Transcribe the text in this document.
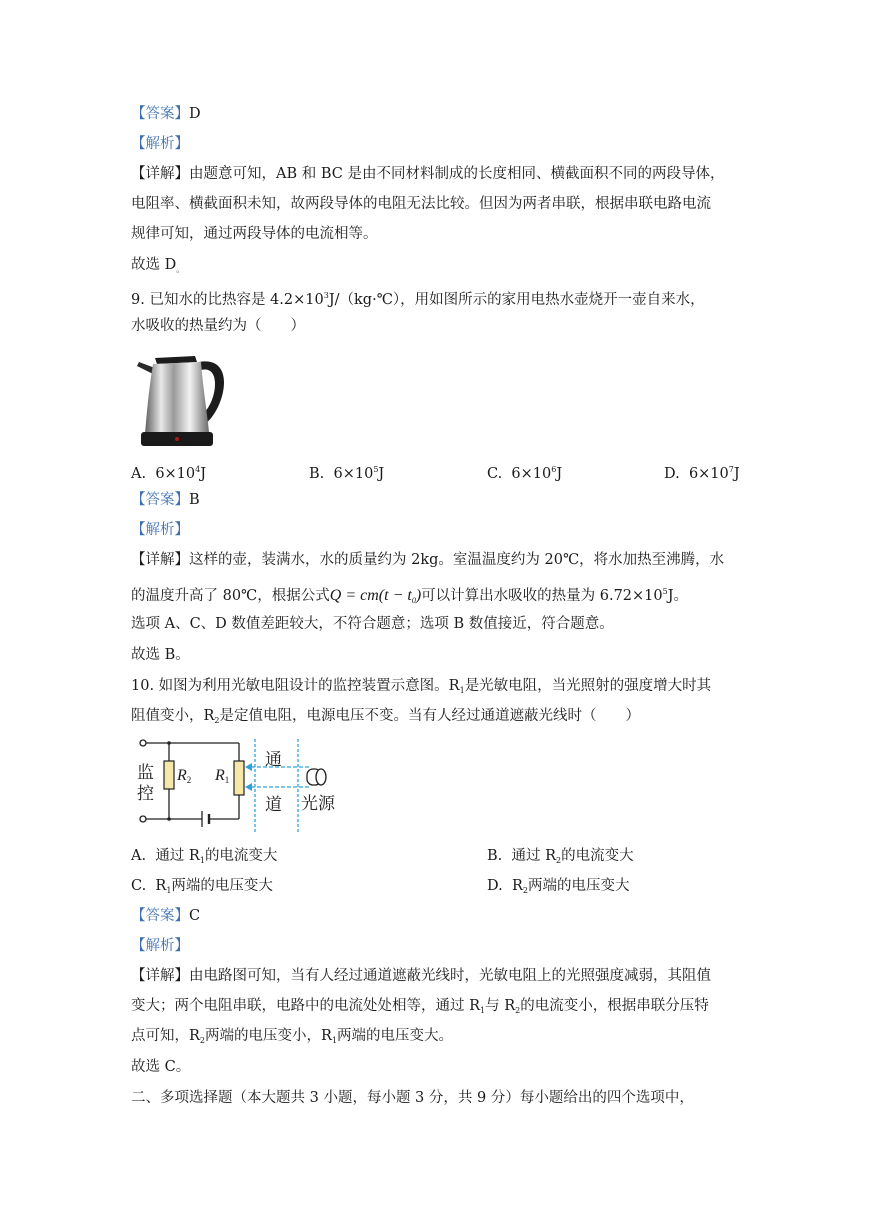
【答案】D
【解析】
【详解】由题意可知，AB 和 BC 是由不同材料制成的长度相同、横截面积不同的两段导体，
电阻率、横截面积未知，故两段导体的电阻无法比较。但因为两者串联，根据串联电路电流
规律可知，通过两段导体的电流相等。
故选 $D_。$
9. 已知水的比热容是 $4.2\times 10^3J/(kg\cdot℃)$，用如图所示的家用电热水壶烧开一壶自来水，
水吸收的热量约为（　　）
A. $6\times 10^4J$	B. $6\times 10^5J$	C. $6\times 10^6J$	D. $6\times 10^7J$
【答案】B
【解析】
【详解】这样的壶，装满水，水的质量约为 2kg。室温温度约为 20℃，将水加热至沸腾，水
的温度升高了 80℃，根据公式$Q = cm(t - t_0)$可以计算出水吸收的热量为 $6.72\times 10^5J$。
选项 A、C、D 数值差距较大，不符合题意；选项 B 数值接近，符合题意。
故选 B。
10. 如图为利用光敏电阻设计的监控装置示意图。$R_1$是光敏电阻，当光照射的强度增大时其
阻值变小，$R_2$是定值电阻，电源电压不变。当有人经过通道遮蔽光线时（　　）
监
控
R2 R1
通
道 光源
A. 通过 $R_1$的电流变大	B. 通过 $R_2$的电流变大
C. $R_1$两端的电压变大	D. $R_2$两端的电压变大
【答案】C
【解析】
【详解】由电路图可知，当有人经过通道遮蔽光线时，光敏电阻上的光照强度减弱，其阻值
变大；两个电阻串联，电路中的电流处处相等，通过 $R_1$与 $R_2$的电流变小，根据串联分压特
点可知，$R_2$两端的电压变小，$R_1$两端的电压变大。
故选 C。
二、多项选择题（本大题共 3 小题，每小题 3 分，共 9 分）每小题给出的四个选项中，
